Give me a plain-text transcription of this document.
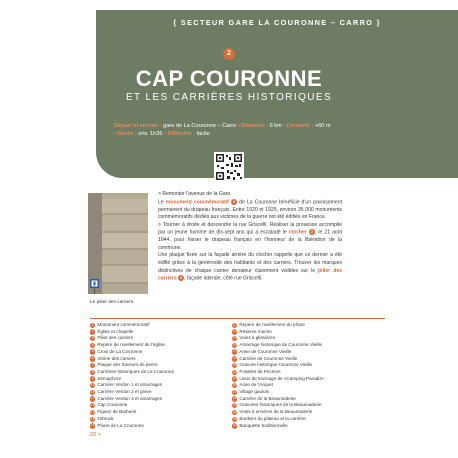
{ SECTEUR GARE LA COURONNE – CARRO }
2
CAP COURONNE
ET LES CARRIÈRES HISTORIQUES
Départ et arrivée : gare de La Couronne – Carro • Distance : 6 km • Dénivelé : +60 m
• Durée : env. 1h35 • Difficulté : facile
Le pilier des carriers.

> Remonter l'avenue de la Gare.

Le monument commémoratif 1 de La Couronne bénéficie d'un pavoisement permanent du drapeau français. Entre 1920 et 1925, environ 35 000 monuments commémoratifs dédiés aux victimes de la guerre ont été édifiés en France.

> Tourner à droite et descendre la rue Griscelli. Réaliser la prouesse accomplie par un jeune homme de dix-sept ans qui a escaladé le clocher 2 , le 21 août 1944, pour hisser le drapeau français en l'honneur de la libération de la commune.

Une plaque fixée sur la façade arrière du clocher rappelle que ce dernier a été édifié grâce à la générosité des habitants et des carriers. Trouver les marques distinctives de chaque carrier donateur clairement visibles sur le pilier des carriers 3 , façade latérale, côté rue Griscelli.

1 Monument commémoratif
2 Église et chapelle
3 Pilier des carriers
4 Repère de nivellement de l'église
5 Croix de La Couronne
6 Vitrine des carriers
7 Plaque des traceurs de pierre
8 Carrières historiques de La Couronne
9 Sémaphore
10 Carrière Verdon 1 et amarrages
11 Carrière Verdon 2 et grève
12 Carrière Verdon 3 et amarrages
13 Cap Couronne
14 Figuier de Barbarie
15 Tobrouk
16 Phare de La Couronne
17 Repère de nivellement du phare
18 Réserve marine
19 Voies à glissières
20 Amarrage historique de Couronne Vieille
21 Anse de Couronne Vieille
22 Carrière de Couronne Vieille
23 Gravure historique Couronne Vieille
24 Fossiles de Pectens
25 Lieux de tournage de «Camping Paradis»
26 Anse de l'Arquet
27 Village gaulois
28 Carrière de la Beaumaderie
29 Gravures historiques de la Beaumaderie
30 Voies à ornières de la Beaumaderie
31 Bunkers du plateau et la carrière
32 Banquette traditionnelle
22 >
